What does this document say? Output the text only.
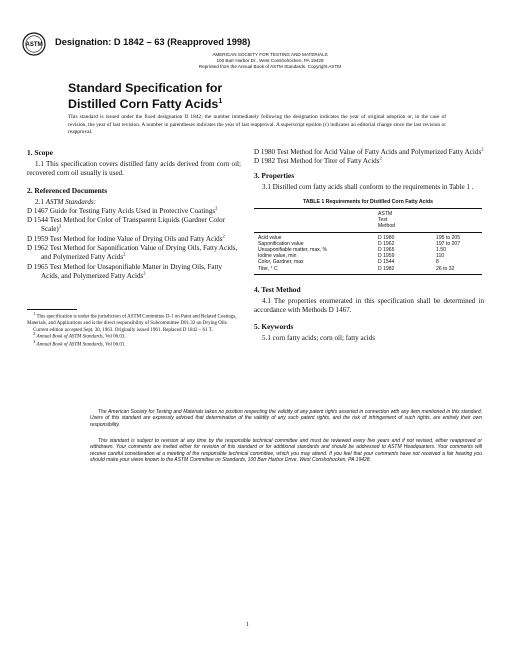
ASTM Designation: D 1842 – 63 (Reapproved 1998)
AMERICAN SOCIETY FOR TESTING AND MATERIALS
100 Barr Harbor Dr., West Conshohocken, PA 19428
Reprinted from the Annual Book of ASTM Standards. Copyright ASTM
Standard Specification for
Distilled Corn Fatty Acids$^1$
This standard is issued under the fixed designation D 1842; the number immediately following the designation indicates the year of original adoption or, in the case of revision, the year of last revision. A number in parentheses indicates the year of last reapproval. A superscript epsilon (ε) indicates an editorial change since the last revision or reapproval.
1. Scope

1.1 This specification covers distilled fatty acids derived from corn oil; recovered corn oil usually is used.

2. Referenced Documents

2.1 ASTM Standards:

D 1467 Guide for Testing Fatty Acids Used in Protective Coatings$^2$
D 1544 Test Method for Color of Transparent Liquids (Gardner Color Scale)$^3$
D 1959 Test Method for Iodine Value of Drying Oils and Fatty Acids$^2$
D 1962 Test Method for Saponification Value of Drying Oils, Fatty Acids, and Polymerized Fatty Acids$^2$
D 1965 Test Method for Unsaponifiable Matter in Drying Oils, Fatty Acids, and Polymerized Fatty Acids$^2$
D 1980 Test Method for Acid Value of Fatty Acids and Polymerized Fatty Acids$^2$
D 1982 Test Method for Titer of Fatty Acids$^2$
3. Properties

3.1 Distilled corn fatty acids shall conform to the requirements in Table 1 .

TABLE 1 Requirements for Distilled Corn Fatty Acids
ASTM
Test
Method
Acid value	D 1980	195 to 205
Saponification value	D 1962	197 to 207
Unsaponifiable matter, max, %	D 1965	1.50
Iodine value, min	D 1959	110
Color, Gardner, max	D 1544	8
Titer, ° C	D 1982	26 to 32
4. Test Method

4.1 The properties enumerated in this specification shall be determined in accordance with Methods D 1467.

5. Keywords

5.1 corn fatty acids; corn oil; fatty acids

1 This specification is under the jurisdiction of ASTM Committee D-1 on Paint and Related Coatings, Materials, and Applications and is the direct responsibility of Subcommittee D01.32 on Drying Oils.
Current edition accepted Sept. 30, 1963. Originally issued 1961. Replaced D 1842 – 61 T.
2 Annual Book of ASTM Standards, Vol 06.03.
3 Annual Book of ASTM Standards, Vol 06.01.
The American Society for Testing and Materials takes no position respecting the validity of any patent rights asserted in connection with any item mentioned in this standard. Users of this standard are expressly advised that determination of the validity of any such patent rights, and the risk of infringement of such rights, are entirely their own responsibility.
This standard is subject to revision at any time by the responsible technical committee and must be reviewed every five years and if not revised, either reapproved or withdrawn. Your comments are invited either for revision of this standard or for additional standards and should be addressed to ASTM Headquarters. Your comments will receive careful consideration at a meeting of the responsible technical committee, which you may attend. If you feel that your comments have not received a fair hearing you should make your views known to the ASTM Committee on Standards, 100 Barr Harbor Drive, West Conshohocken, PA 19428.
1
